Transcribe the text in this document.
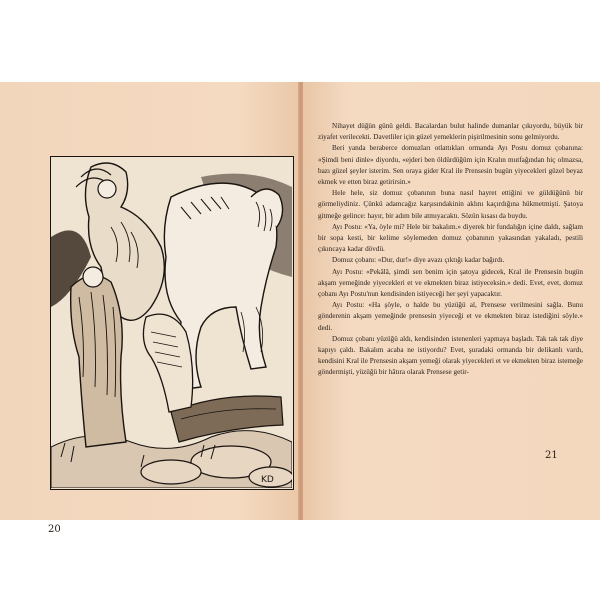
KD
20

Nihayet düğün günü geldi. Bacalardan bulut halinde dumanlar çıkıyordu, büyük bir ziyafet verilecekti. Davetliler için güzel yemeklerin pişirilmesinin sonu gelmiyordu.

Beri yanda beraberce domuzları otlattıkları ormanda Ayı Postu domuz çobanına: «Şimdi beni dinle» diyordu, «ejderi ben öldürdüğüm için Kralın mutfağından hiç olmazsa, bazı güzel şeyler isterim. Sen oraya gider Kral ile Prensesin bugün yiyecekleri güzel beyaz ekmek ve etten biraz getirirsin.»

Hele hele, siz domuz çobanının buna nasıl hayret ettiğini ve güldüğünü bir görmeliydiniz. Çünkü adamcağız karşısındakinin aklını kaçırdığına hükmetmişti. Şatoya gitmeğe gelince: hayır, bir adım bile atmıyacaktı. Sözün kısası da buydu.

Ayı Postu: «Ya, öyle mi? Hele bir bakalım.» diyerek bir fundalığın içine daldı, sağlam bir sopa kesti, bir kelime söylemeden domuz çobanının yakasından yakaladı, pestili çıkıncaya kadar dövdü.

Domuz çobanı: «Dur, dur!» diye avazı çıktığı kadar bağırdı.

Ayı Postu: «Pekâlâ, şimdi sen benim için şatoya gidecek, Kral ile Prensesin bugün akşam yemeğinde yiyecekleri et ve ekmekten biraz istiyeceksin.» dedi. Evet, evet, domuz çobanı Ayı Postu'nun kendisinden istiyeceği her şeyi yapacaktır.

Ayı Postu: «Ha şöyle, o halde bu yüzüğü al, Prensese verilmesini sağla. Bunu gönderenin akşam yemeğinde prensesin yiyeceği et ve ekmekten biraz istediğini söyle.» dedi.

Domuz çobanı yüzüğü aldı, kendisinden istenenleri yapmaya başladı. Tak tak tak diye kapıyı çaldı. Bakalım acaba ne istiyordu? Evet, şuradaki ormanda bir delikanlı vardı, kendisini Kral ile Prensesin akşam yemeği olarak yiyecekleri et ve ekmekten biraz istemeğe göndermişti, yüzüğü bir hâtıra olarak Prensese getir-

21
